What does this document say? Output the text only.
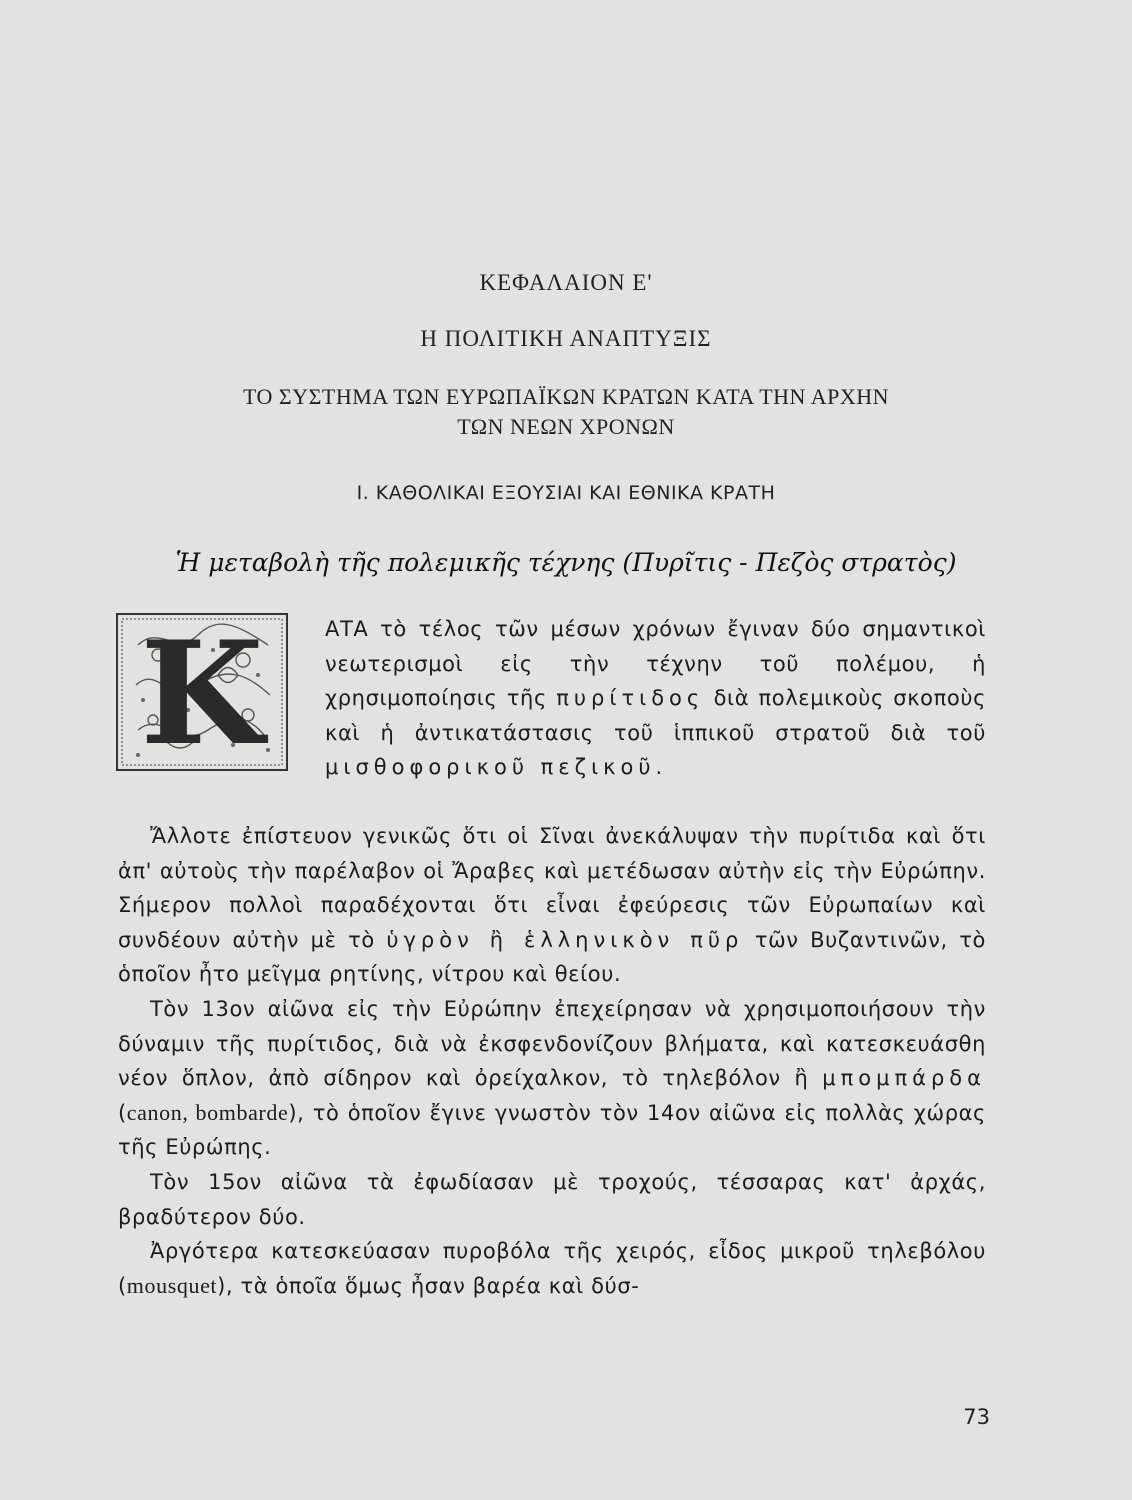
ΚΕΦΑΛΑΙΟΝ Ε'
Η ΠΟΛΙΤΙΚΗ ΑΝΑΠΤΥΞΙΣ
ΤΟ ΣΥΣΤΗΜΑ ΤΩΝ ΕΥΡΩΠΑΪΚΩΝ ΚΡΑΤΩΝ ΚΑΤΑ ΤΗΝ ΑΡΧΗΝ
ΤΩΝ ΝΕΩΝ ΧΡΟΝΩΝ
Ι. ΚΑΘΟΛΙΚΑΙ ΕΞΟΥΣΙΑΙ ΚΑΙ ΕΘΝΙΚΑ ΚΡΑΤΗ
Ἡ μεταβολὴ τῆς πολεμικῆς τέχνης (Πυρῖτις - Πεζὸς στρατὸς)
Κ	ΑΤΑ τὸ τέλος τῶν μέσων χρόνων ἔγιναν δύο σημαντικοὶ νεωτερισμοὶ εἰς τὴν τέχνην τοῦ πολέμου, ἡ χρησιμοποίησις τῆς πυρίτιδος διὰ πολεμικοὺς σκοποὺς καὶ ἡ ἀντικατάστασις τοῦ ἱππικοῦ στρατοῦ διὰ τοῦ μισθοφορικοῦ πεζικοῦ.

Ἄλλοτε ἐπίστευον γενικῶς ὅτι οἱ Σῖναι ἀνεκάλυψαν τὴν πυρίτιδα καὶ ὅτι ἀπ' αὐτοὺς τὴν παρέλαβον οἱ Ἄραβες καὶ μετέδωσαν αὐτὴν εἰς τὴν Εὐρώπην. Σήμερον πολλοὶ παραδέχονται ὅτι εἶναι ἐφεύρεσις τῶν Εὐρωπαίων καὶ συνδέουν αὐτὴν μὲ τὸ ὑγρὸν ἢ ἑλληνικὸν πῦρ τῶν Βυζαντινῶν, τὸ ὁποῖον ἦτο μεῖγμα ρητίνης, νίτρου καὶ θείου.

Τὸν 13ον αἰῶνα εἰς τὴν Εὐρώπην ἐπεχείρησαν νὰ χρησιμοποιήσουν τὴν δύναμιν τῆς πυρίτιδος, διὰ νὰ ἐκσφενδονίζουν βλήματα, καὶ κατεσκευάσθη νέον ὅπλον, ἀπὸ σίδηρον καὶ ὀρείχαλκον, τὸ τηλεβόλον ἢ μπομπάρδα (canon, bombarde), τὸ ὁποῖον ἔγινε γνωστὸν τὸν 14ον αἰῶνα εἰς πολλὰς χώρας τῆς Εὐρώπης.

Τὸν 15ον αἰῶνα τὰ ἐφωδίασαν μὲ τροχούς, τέσσαρας κατ' ἀρχάς, βραδύτερον δύο.

Ἀργότερα κατεσκεύασαν πυροβόλα τῆς χειρός, εἶδος μικροῦ τηλεβόλου (mousquet), τὰ ὁποῖα ὅμως ἦσαν βαρέα καὶ δύσ-

73
